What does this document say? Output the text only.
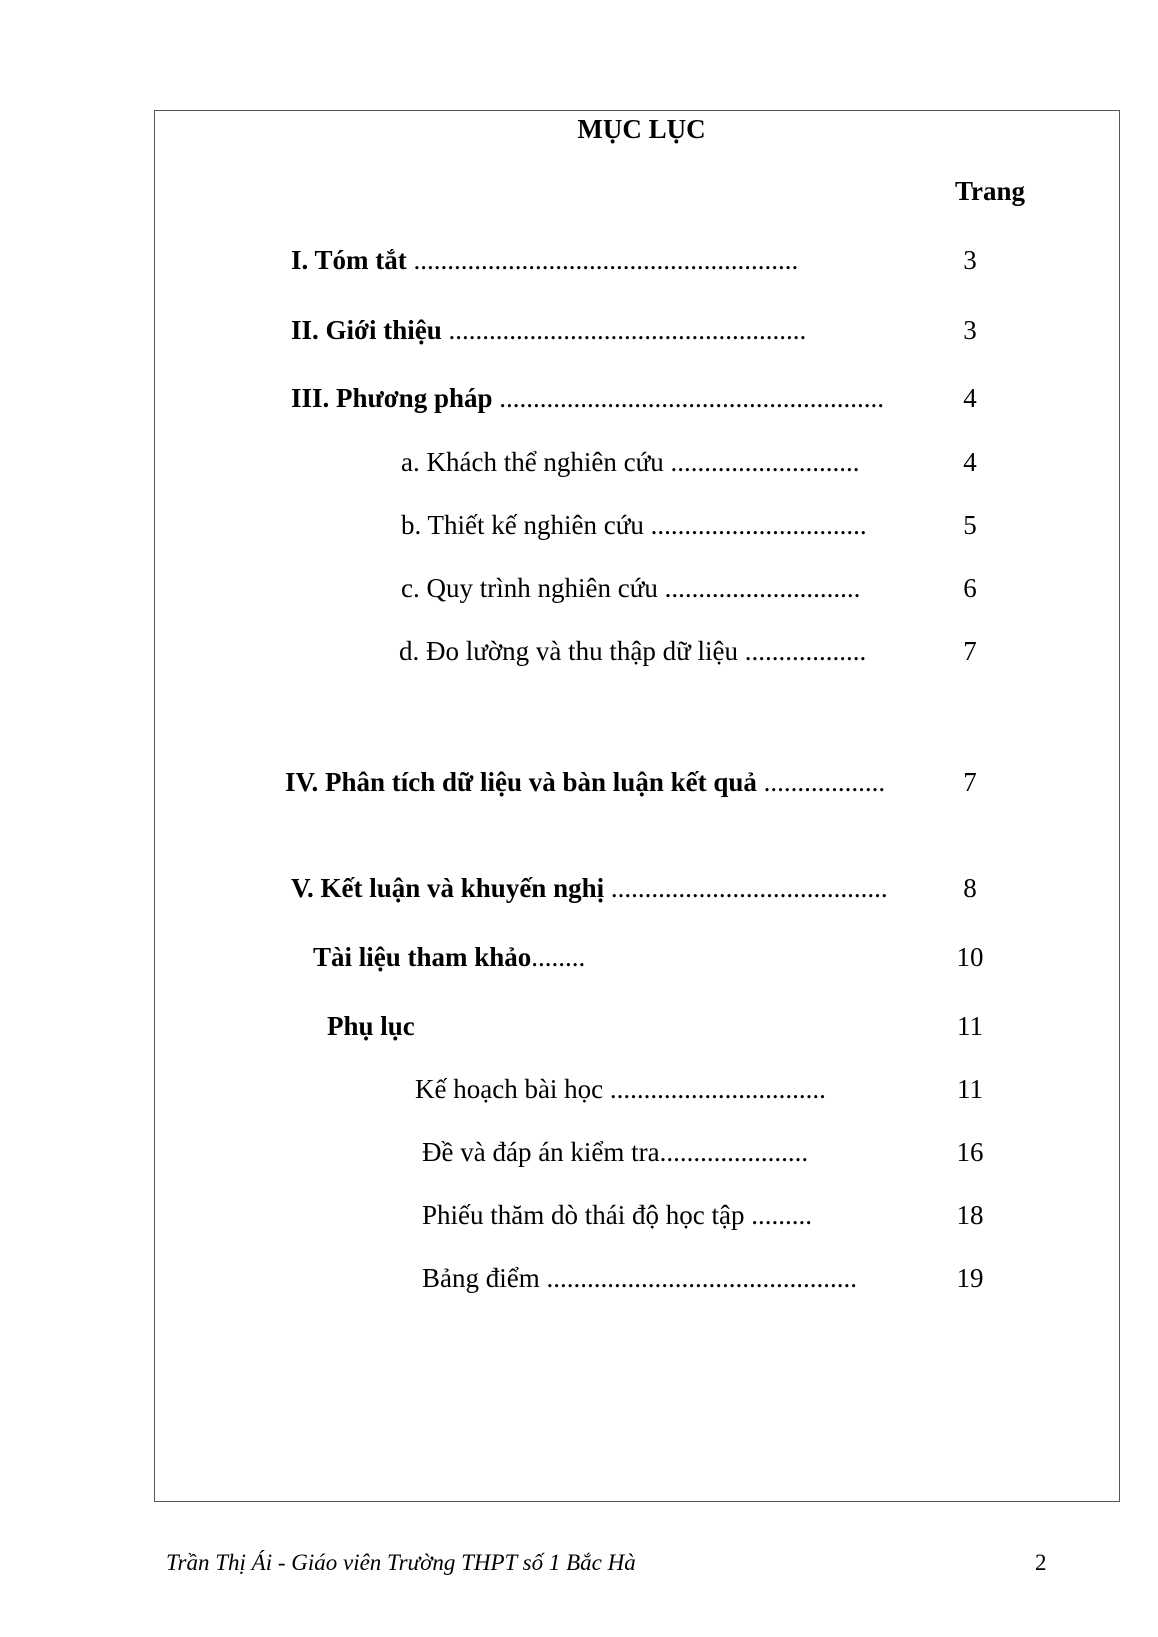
MỤC LỤC
Trang
I. Tóm tắt .........................................................	3
II. Giới thiệu .....................................................	3
III. Phương pháp .........................................................	4
a. Khách thể nghiên cứu ............................	4
b. Thiết kế nghiên cứu ................................	5
c. Quy trình nghiên cứu .............................	6
d. Đo lường và thu thập dữ liệu ..................	7
IV. Phân tích dữ liệu và bàn luận kết quả ..................	7
V. Kết luận và khuyến nghị .........................................	8
Tài liệu tham khảo........	10
Phụ lục	11
Kế hoạch bài học ................................	11
Đề và đáp án kiểm tra......................	16
Phiếu thăm dò thái độ học tập .........	18
Bảng điểm ..............................................	19
Trần Thị Ái - Giáo viên Trường THPT số 1 Bắc Hà	2
